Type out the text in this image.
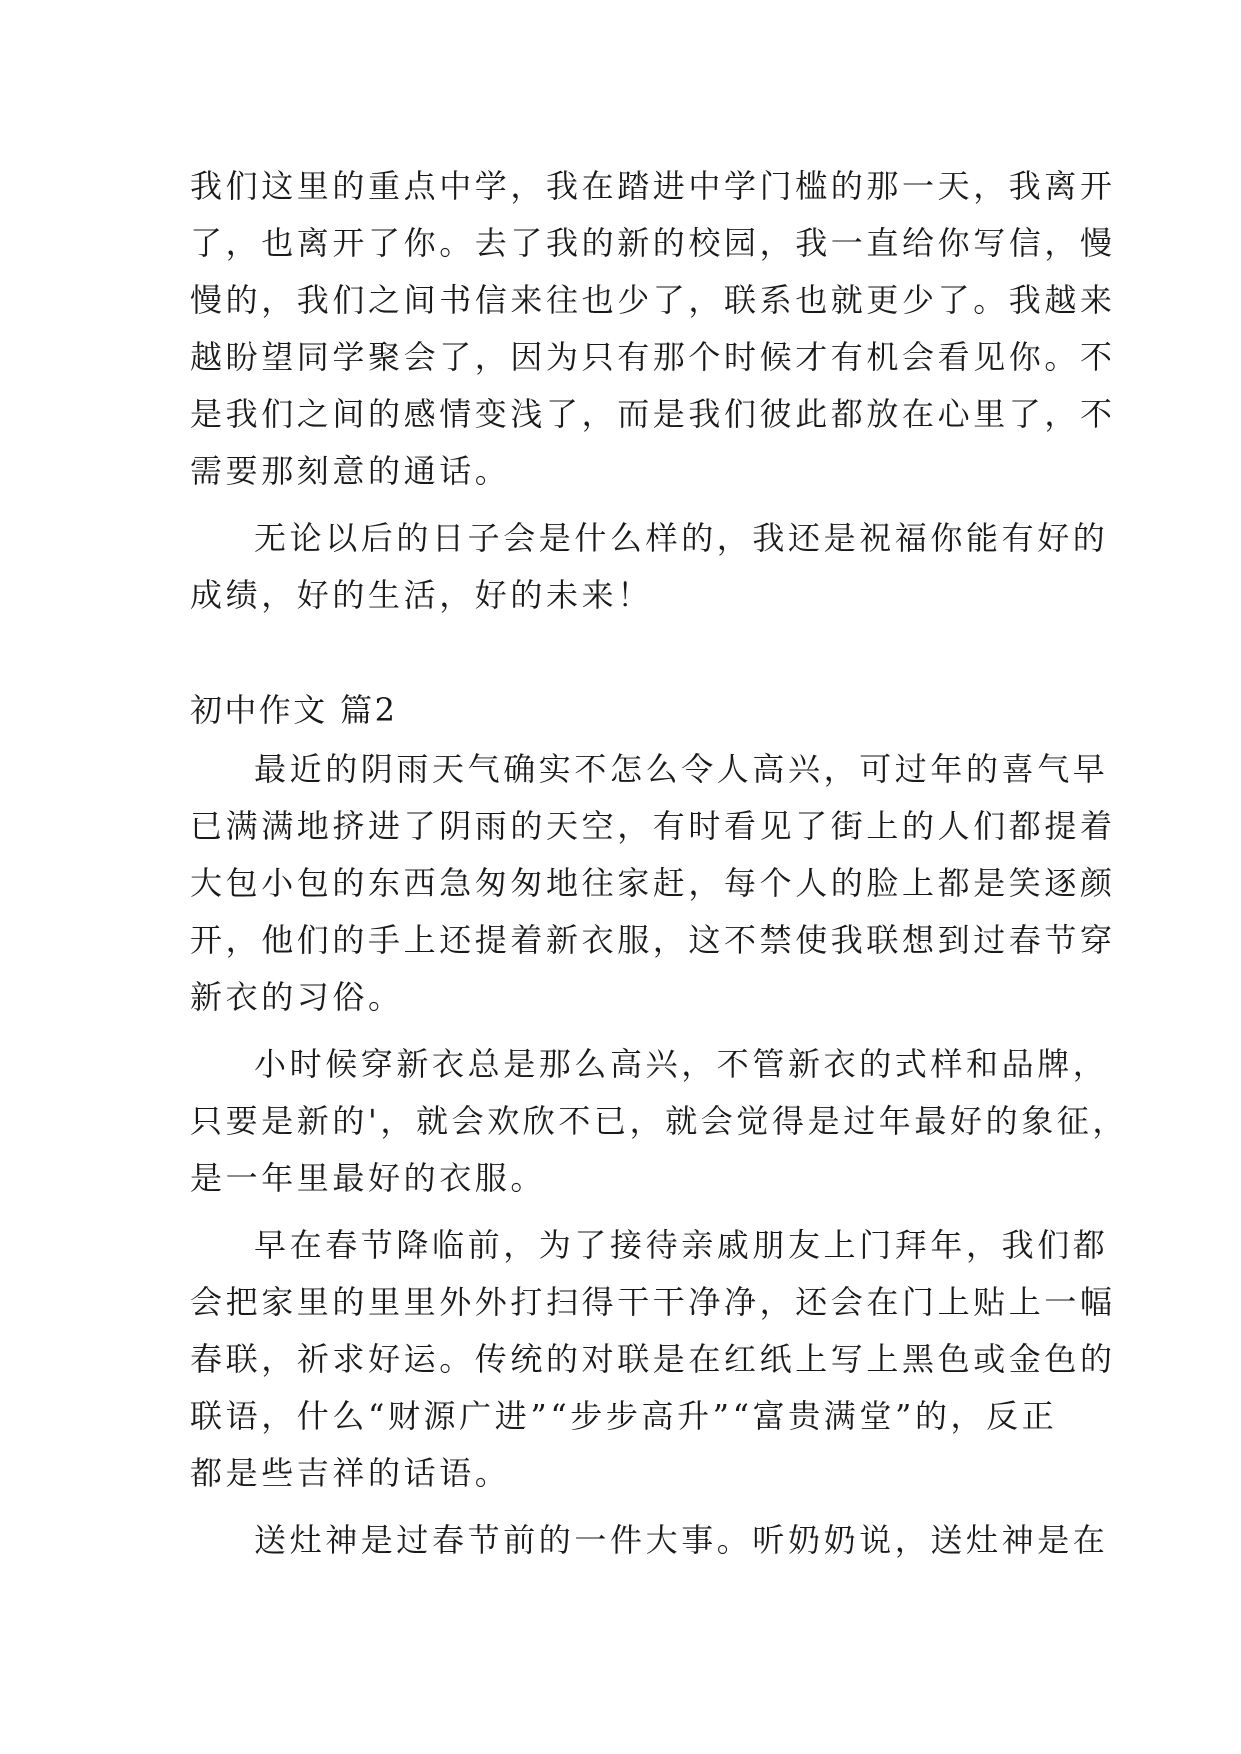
我们这里的重点中学，我在踏进中学门槛的那一天，我离开
了，也离开了你。去了我的新的校园，我一直给你写信，慢
慢的，我们之间书信来往也少了，联系也就更少了。我越来
越盼望同学聚会了，因为只有那个时候才有机会看见你。不
是我们之间的感情变浅了，而是我们彼此都放在心里了，不
需要那刻意的通话。
无论以后的日子会是什么样的，我还是祝福你能有好的
成绩，好的生活，好的未来！
初中作文 篇2
最近的阴雨天气确实不怎么令人高兴，可过年的喜气早
已满满地挤进了阴雨的天空，有时看见了街上的人们都提着
大包小包的东西急匆匆地往家赶，每个人的脸上都是笑逐颜
开，他们的手上还提着新衣服，这不禁使我联想到过春节穿
新衣的习俗。
小时候穿新衣总是那么高兴，不管新衣的式样和品牌，
只要是新的'，就会欢欣不已，就会觉得是过年最好的象征，
是一年里最好的衣服。
早在春节降临前，为了接待亲戚朋友上门拜年，我们都
会把家里的里里外外打扫得干干净净，还会在门上贴上一幅
春联，祈求好运。传统的对联是在红纸上写上黑色或金色的
联语，什么“财源广进”“步步高升”“富贵满堂”的，反正
都是些吉祥的话语。
送灶神是过春节前的一件大事。听奶奶说，送灶神是在
